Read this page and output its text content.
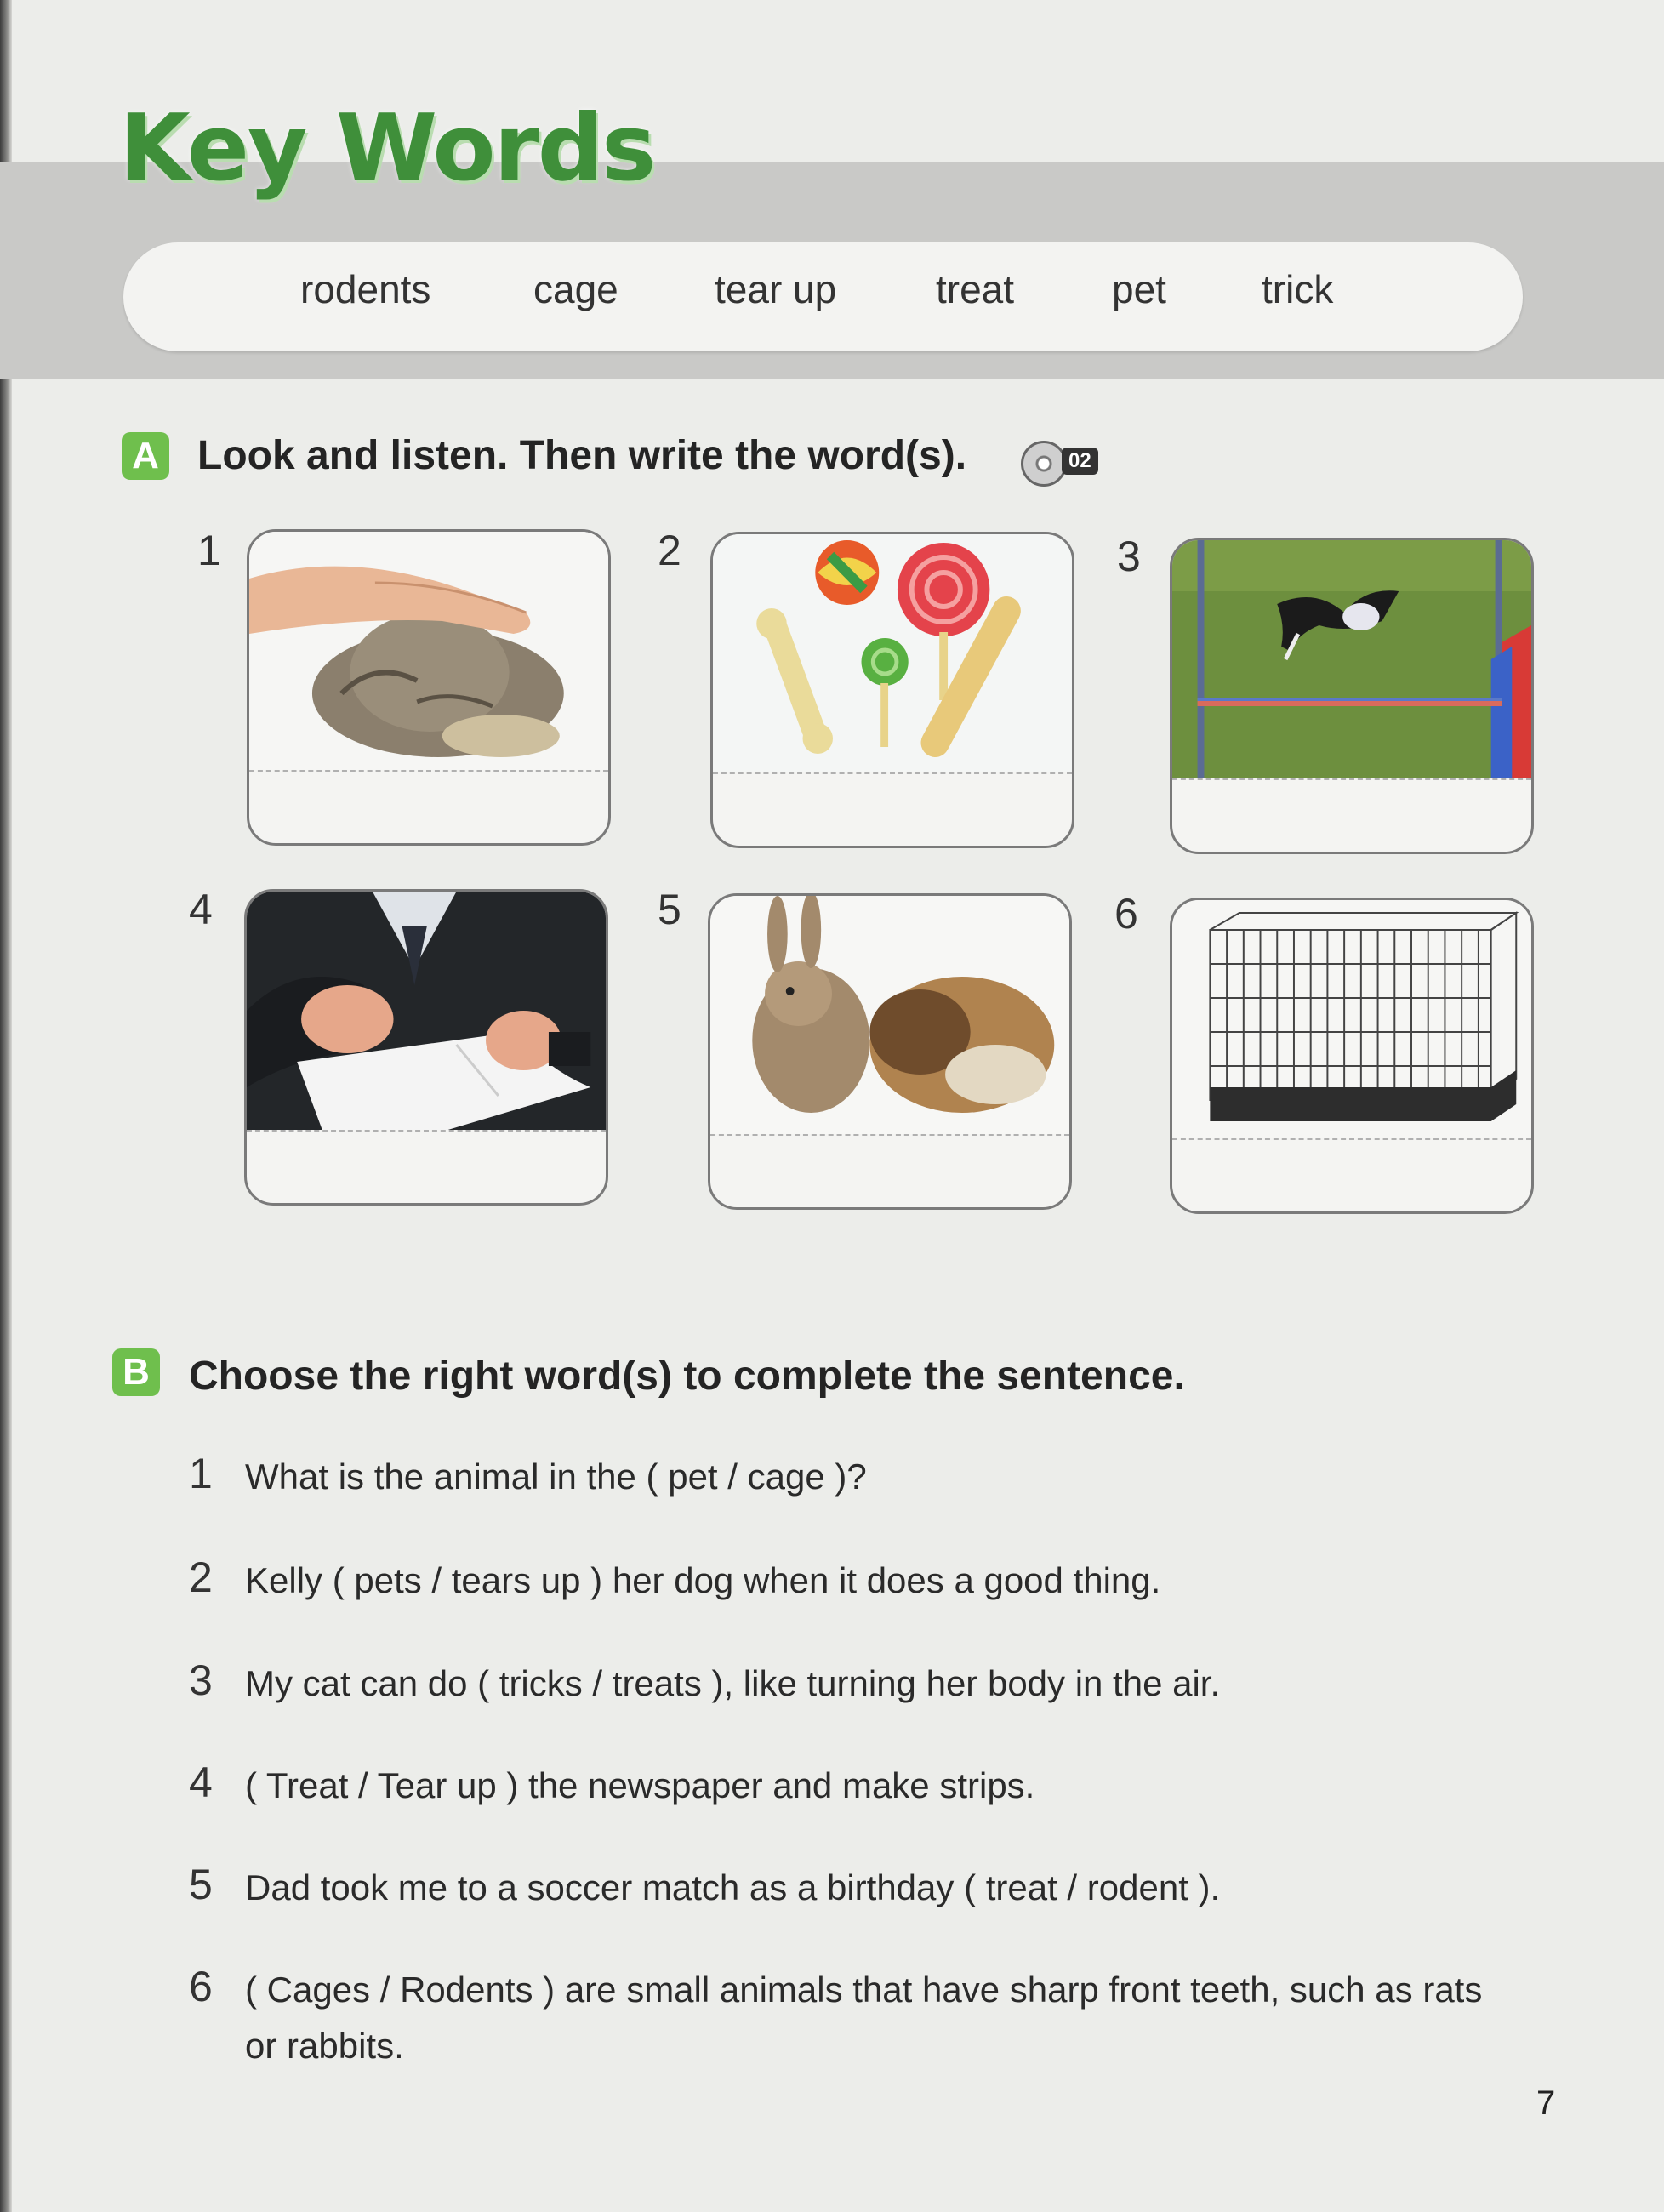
Key Words
rodents	cage tear up	treat pet trick
A Look and listen. Then write the word(s).	02
1	2	3
4	5	6
B Choose the right word(s) to complete the sentence.
1 What is the animal in the ( pet / cage )?
2 Kelly ( pets / tears up ) her dog when it does a good thing.
3 My cat can do ( tricks / treats ), like turning her body in the air.
4 ( Treat / Tear up ) the newspaper and make strips.
5 Dad took me to a soccer match as a birthday ( treat / rodent ).
6 ( Cages / Rodents ) are small animals that have sharp front teeth, such as rats or rabbits.
7
